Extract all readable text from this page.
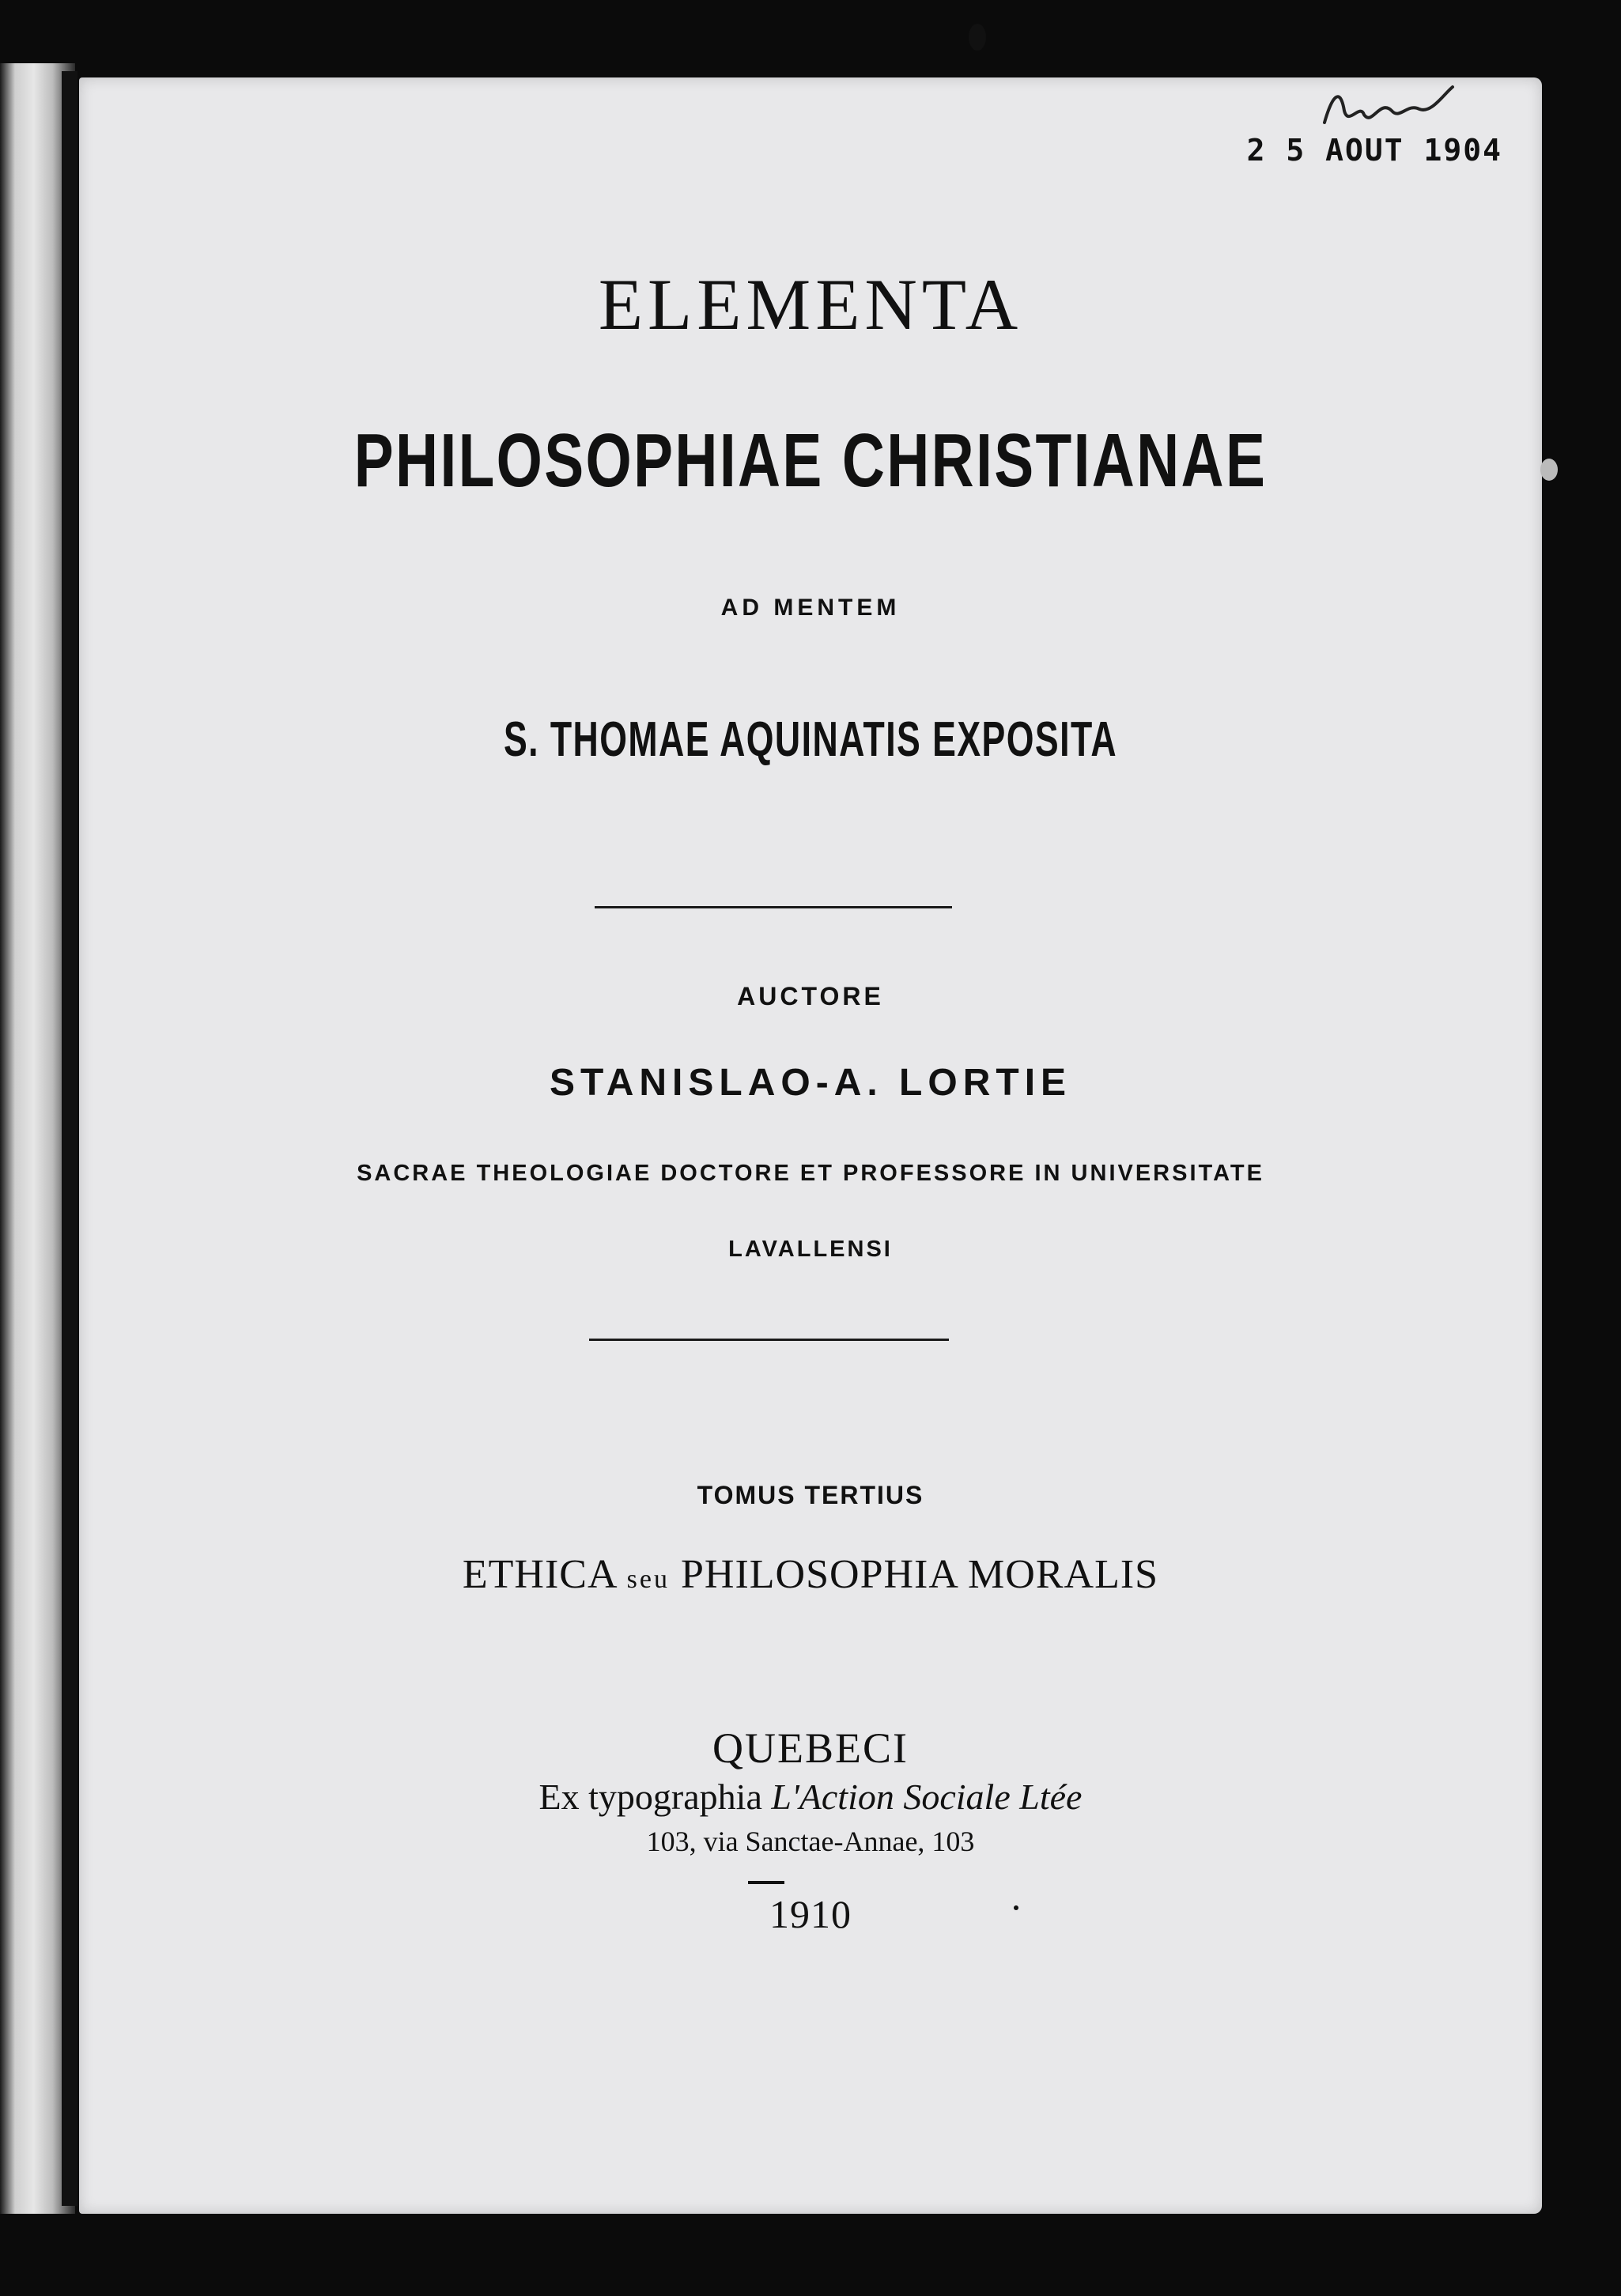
2 5 AOUT 1904
ELEMENTA
PHILOSOPHIAE CHRISTIANAE
AD MENTEM
S. THOMAE AQUINATIS EXPOSITA
AUCTORE
STANISLAO-A. LORTIE
SACRAE THEOLOGIAE DOCTORE ET PROFESSORE IN UNIVERSITATE
LAVALLENSI
TOMUS TERTIUS
ETHICA seu PHILOSOPHIA MORALIS
QUEBECI
Ex typographia L'Action Sociale Ltée
103, via Sanctae-Annae, 103
1910
